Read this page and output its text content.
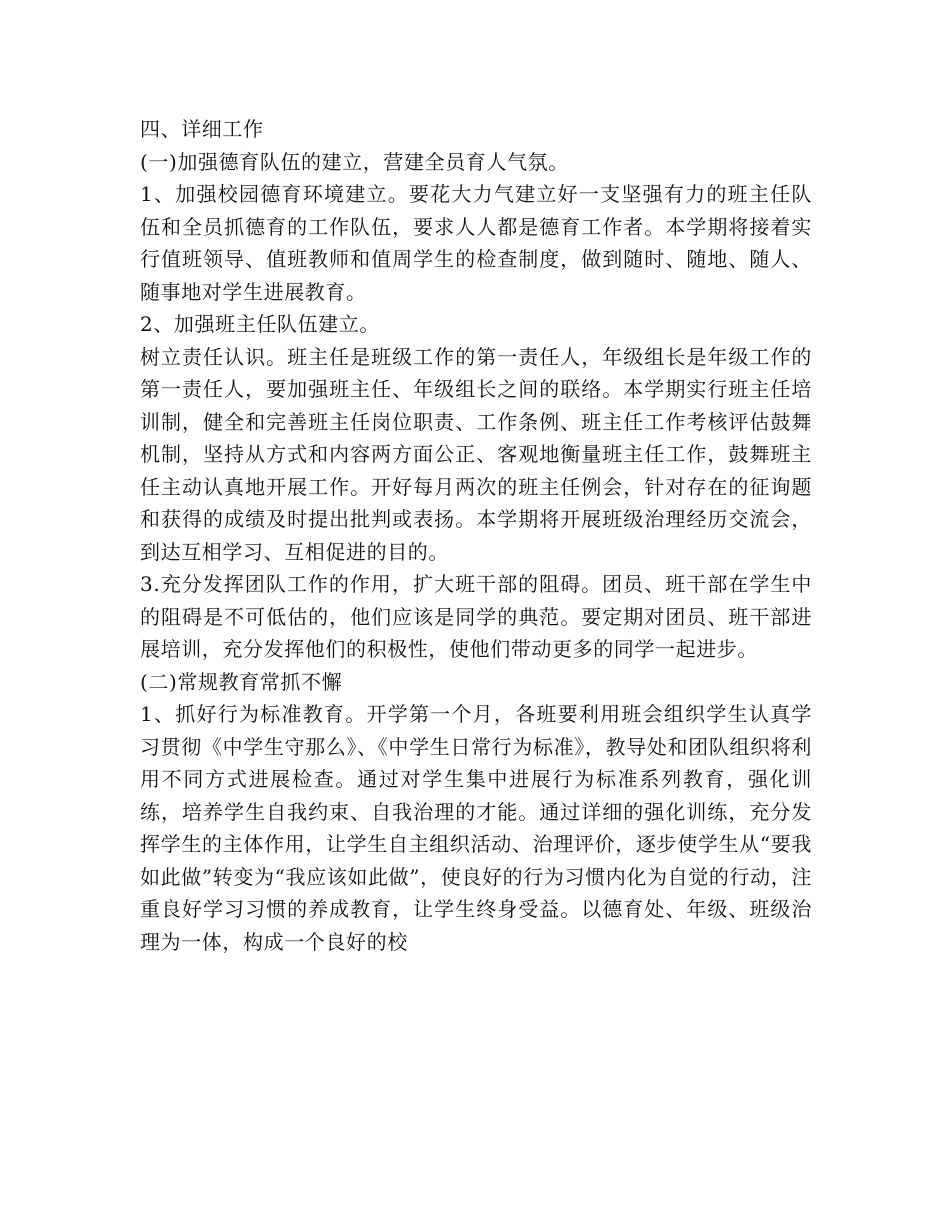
四、详细工作

(一)加强德育队伍的建立，营建全员育人气氛。

1、加强校园德育环境建立。要花大力气建立好一支坚强有力的班主任队伍和全员抓德育的工作队伍，要求人人都是德育工作者。本学期将接着实行值班领导、值班教师和值周学生的检查制度，做到随时、随地、随人、随事地对学生进展教育。

2、加强班主任队伍建立。

树立责任认识。班主任是班级工作的第一责任人，年级组长是年级工作的第一责任人，要加强班主任、年级组长之间的联络。本学期实行班主任培训制，健全和完善班主任岗位职责、工作条例、班主任工作考核评估鼓舞机制，坚持从方式和内容两方面公正、客观地衡量班主任工作，鼓舞班主任主动认真地开展工作。开好每月两次的班主任例会，针对存在的征询题和获得的成绩及时提出批判或表扬。本学期将开展班级治理经历交流会，到达互相学习、互相促进的目的。

3.充分发挥团队工作的作用，扩大班干部的阻碍。团员、班干部在学生中的阻碍是不可低估的，他们应该是同学的典范。要定期对团员、班干部进展培训，充分发挥他们的积极性，使他们带动更多的同学一起进步。

(二)常规教育常抓不懈

1、抓好行为标准教育。开学第一个月，各班要利用班会组织学生认真学习贯彻《中学生守那么》、《中学生日常行为标准》，教导处和团队组织将利用不同方式进展检查。通过对学生集中进展行为标准系列教育，强化训练，培养学生自我约束、自我治理的才能。通过详细的强化训练，充分发挥学生的主体作用，让学生自主组织活动、治理评价，逐步使学生从“要我如此做”转变为“我应该如此做”，使良好的行为习惯内化为自觉的行动，注重良好学习习惯的养成教育，让学生终身受益。以德育处、年级、班级治理为一体，构成一个良好的校
